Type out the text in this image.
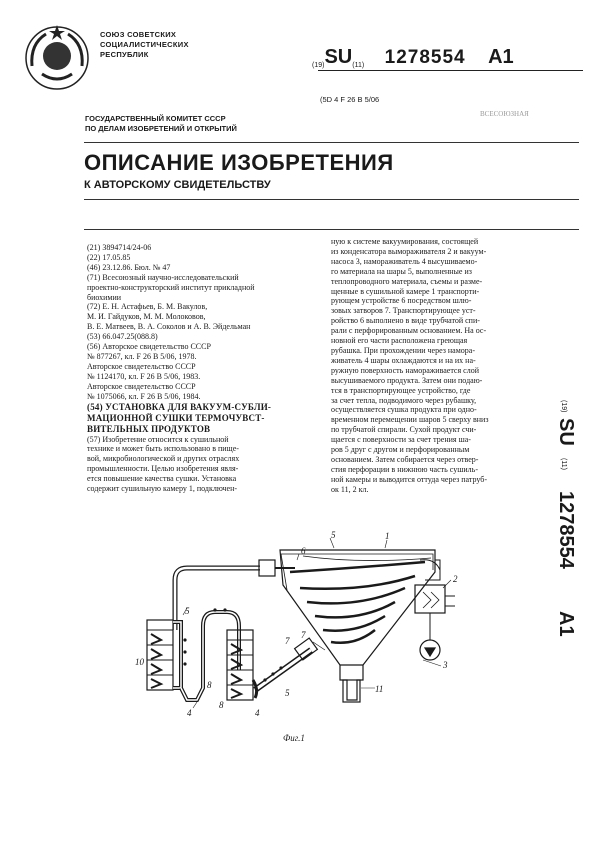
СОЮЗ СОВЕТСКИХ
СОЦИАЛИСТИЧЕСКИХ
РЕСПУБЛИК
(19)SU(11) 1278554 A1
(5D 4 F 26 B 5/06
ГОСУДАРСТВЕННЫЙ КОМИТЕТ СССР
ПО ДЕЛАМ ИЗОБРЕТЕНИЙ И ОТКРЫТИЙ
ВСЕСОЮЗНАЯ
ОПИСАНИЕ ИЗОБРЕТЕНИЯ
К АВТОРСКОМУ СВИДЕТЕЛЬСТВУ
(21) 3894714/24-06
(22) 17.05.85
(46) 23.12.86. Бюл. № 47
(71) Всесоюзный научно-исследовательский
проектно-конструкторский институт прикладной
биохимии
(72) Е. Н. Астафьев, Б. М. Вакулов,
М. И. Гайдуков, М. М. Молоковов,
В. Е. Матвеев, В. А. Соколов и А. В. Эйдельман
(53) 66.047.25(088.8)
(56) Авторское свидетельство СССР
№ 877267, кл. F 26 B 5/06, 1978.
Авторское свидетельство СССР
№ 1124170, кл. F 26 B 5/06, 1983.
Авторское свидетельство СССР
№ 1075066, кл. F 26 B 5/06, 1984.
(54) УСТАНОВКА ДЛЯ ВАКУУМ-СУБЛИ-
МАЦИОННОЙ СУШКИ ТЕРМОЧУВСТ-
ВИТЕЛЬНЫХ ПРОДУКТОВ
(57) Изобретение относится к сушильной
технике и может быть использовано в пище-
вой, микробиологической и других отраслях
промышленности. Целью изобретения явля-
ется повышение качества сушки. Установка
содержит сушильную камеру 1, подключен-
ную к системе вакуумирования, состоящей
из конденсатора вымораживателя 2 и вакуум-
насоса 3, намораживатель 4 высушиваемо-
го материала на шары 5, выполненные из
теплопроводного материала, съемы и разме-
щенные в сушильной камере 1 транспорти-
рующем устройстве 6 посредством шлю-
зовых затворов 7. Транспортирующее уст-
ройство 6 выполнено в виде трубчатой спи-
рали с перфорированным основанием. На ос-
новной его части расположена греющая
рубашка. При прохождении через намора-
живатель 4 шары охлаждаются и на их на-
ружную поверхность намораживается слой
высушиваемого продукта. Затем они подаю-
тся в транспортирующее устройство, где
за счет тепла, подводимого через рубашку,
осуществляется сушка продукта при одно-
временном перемещении шаров 5 сверху вниз
по трубчатой спирали. Сухой продукт счи-
щается с поверхности за счет трения ша-
ров 5 друг с другом и перфорированным
основанием. Затем собирается через отвер-
стия перфорации в нижнюю часть сушиль-
ной камеры и выводится оттуда через патруб-
ок 11, 2 кл.
(19)
SU
(11)
1278554
A1
5	1
6
2
7
3
10
5
8
4
7
8
5	11
4
Фиг.1
